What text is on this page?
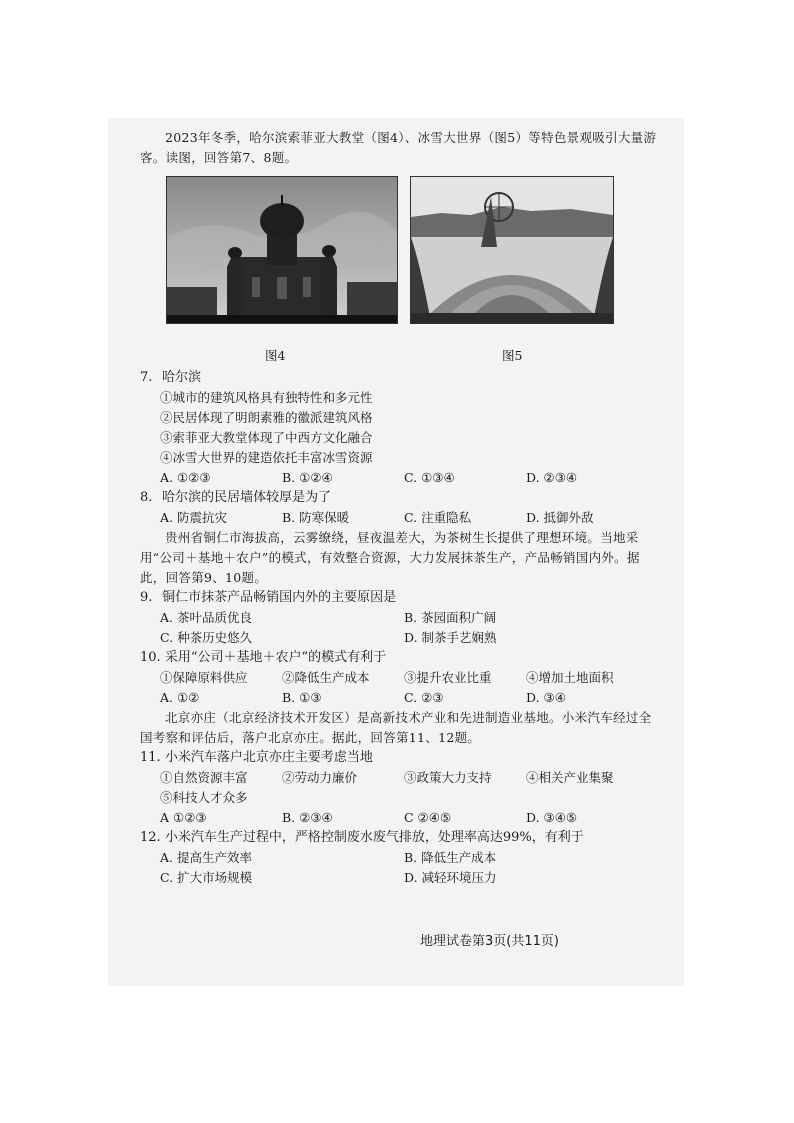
2023年冬季，哈尔滨索菲亚大教堂（图4）、冰雪大世界（图5）等特色景观吸引大量游客。读图，回答第7、8题。

图4	图5

7. 哈尔滨

①城市的建筑风格具有独特性和多元性
②民居体现了明朗素雅的徽派建筑风格
③索菲亚大教堂体现了中西方文化融合
④冰雪大世界的建造依托丰富冰雪资源
A. ①②③	B. ①②④	C. ①③④	D. ②③④

8. 哈尔滨的民居墙体较厚是为了

A. 防震抗灾	B. 防寒保暖	C. 注重隐私	D. 抵御外敌

贵州省铜仁市海拔高，云雾缭绕，昼夜温差大，为茶树生长提供了理想环境。当地采用“公司＋基地＋农户”的模式，有效整合资源，大力发展抹茶生产，产品畅销国内外。据此，回答第9、10题。

9. 铜仁市抹茶产品畅销国内外的主要原因是

A. 茶叶品质优良	B. 茶园面积广阔
C. 种茶历史悠久	D. 制茶手艺娴熟

10. 采用“公司＋基地＋农户”的模式有利于

①保障原料供应	②降低生产成本	③提升农业比重	④增加土地面积
A. ①②	B. ①③	C. ②③	D. ③④

北京亦庄（北京经济技术开发区）是高新技术产业和先进制造业基地。小米汽车经过全国考察和评估后，落户北京亦庄。据此，回答第11、12题。

11. 小米汽车落户北京亦庄主要考虑当地

①自然资源丰富	②劳动力廉价	③政策大力支持	④相关产业集聚
⑤科技人才众多
A ①②③	B. ②③④	C ②④⑤	D. ③④⑤

12. 小米汽车生产过程中，严格控制废水废气排放，处理率高达99%，有利于

A. 提高生产效率	B. 降低生产成本
C. 扩大市场规模	D. 减轻环境压力
地理试卷第3页(共11页)
